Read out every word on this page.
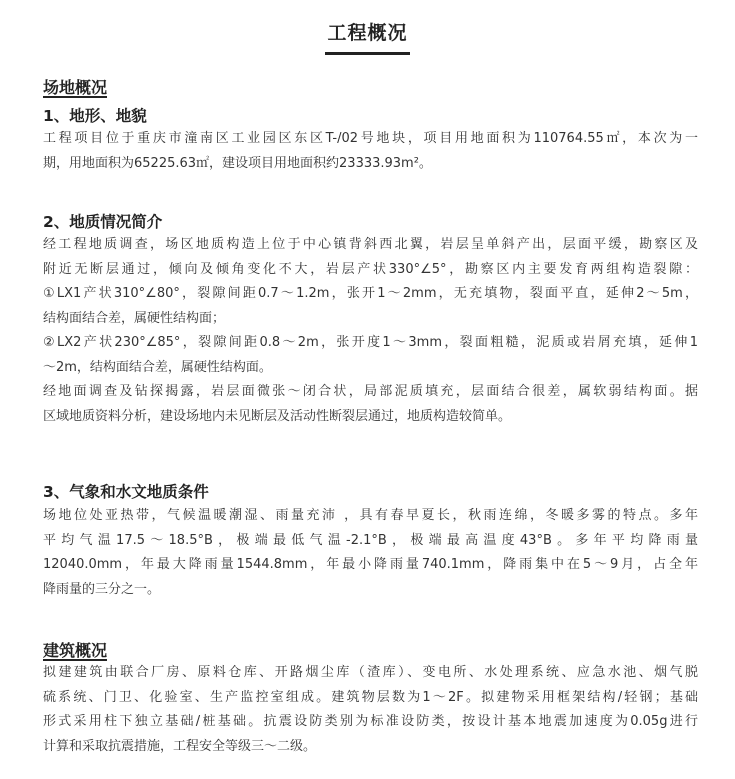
工程概况
场地概况
1、地形、地貌
工程项目位于重庆市潼南区工业园区东区T-/02号地块，项目用地面积为110764.55㎡，本次为一
期，用地面积为65225.63㎡，建设项目用地面积约23333.93m²。
2、地质情况简介
经工程地质调查，场区地质构造上位于中心镇背斜西北翼，岩层呈单斜产出，层面平缓，勘察区及
附近无断层通过，倾向及倾角变化不大，岩层产状330°∠5°，勘察区内主要发育两组构造裂隙：
①LX1产状310°∠80°，裂隙间距0.7～1.2m，张开1～2mm，无充填物，裂面平直，延伸2～5m，
结构面结合差，属硬性结构面；
②LX2产状230°∠85°，裂隙间距0.8～2m，张开度1～3mm，裂面粗糙，泥质或岩屑充填，延伸1
～2m，结构面结合差，属硬性结构面。
经地面调查及钻探揭露，岩层面微张～闭合状，局部泥质填充，层面结合很差，属软弱结构面。据
区域地质资料分析，建设场地内未见断层及活动性断裂层通过，地质构造较简单。
3、气象和水文地质条件
场地位处亚热带，气候温暖潮湿、雨量充沛 ，具有春早夏长，秋雨连绵，冬暖多雾的特点。多年
平均气温17.5～18.5°B，极端最低气温-2.1°B，极端最高温度43°B。多年平均降雨量
12040.0mm，年最大降雨量1544.8mm，年最小降雨量740.1mm，降雨集中在5～9月，占全年
降雨量的三分之一。
建筑概况
拟建建筑由联合厂房、原料仓库、开路烟尘库（渣库）、变电所、水处理系统、应急水池、烟气脱
硫系统、门卫、化验室、生产监控室组成。建筑物层数为1～2F。拟建物采用框架结构/轻钢；基础
形式采用柱下独立基础/桩基础。抗震设防类别为标准设防类，按设计基本地震加速度为0.05g进行
计算和采取抗震措施，工程安全等级三～二级。
